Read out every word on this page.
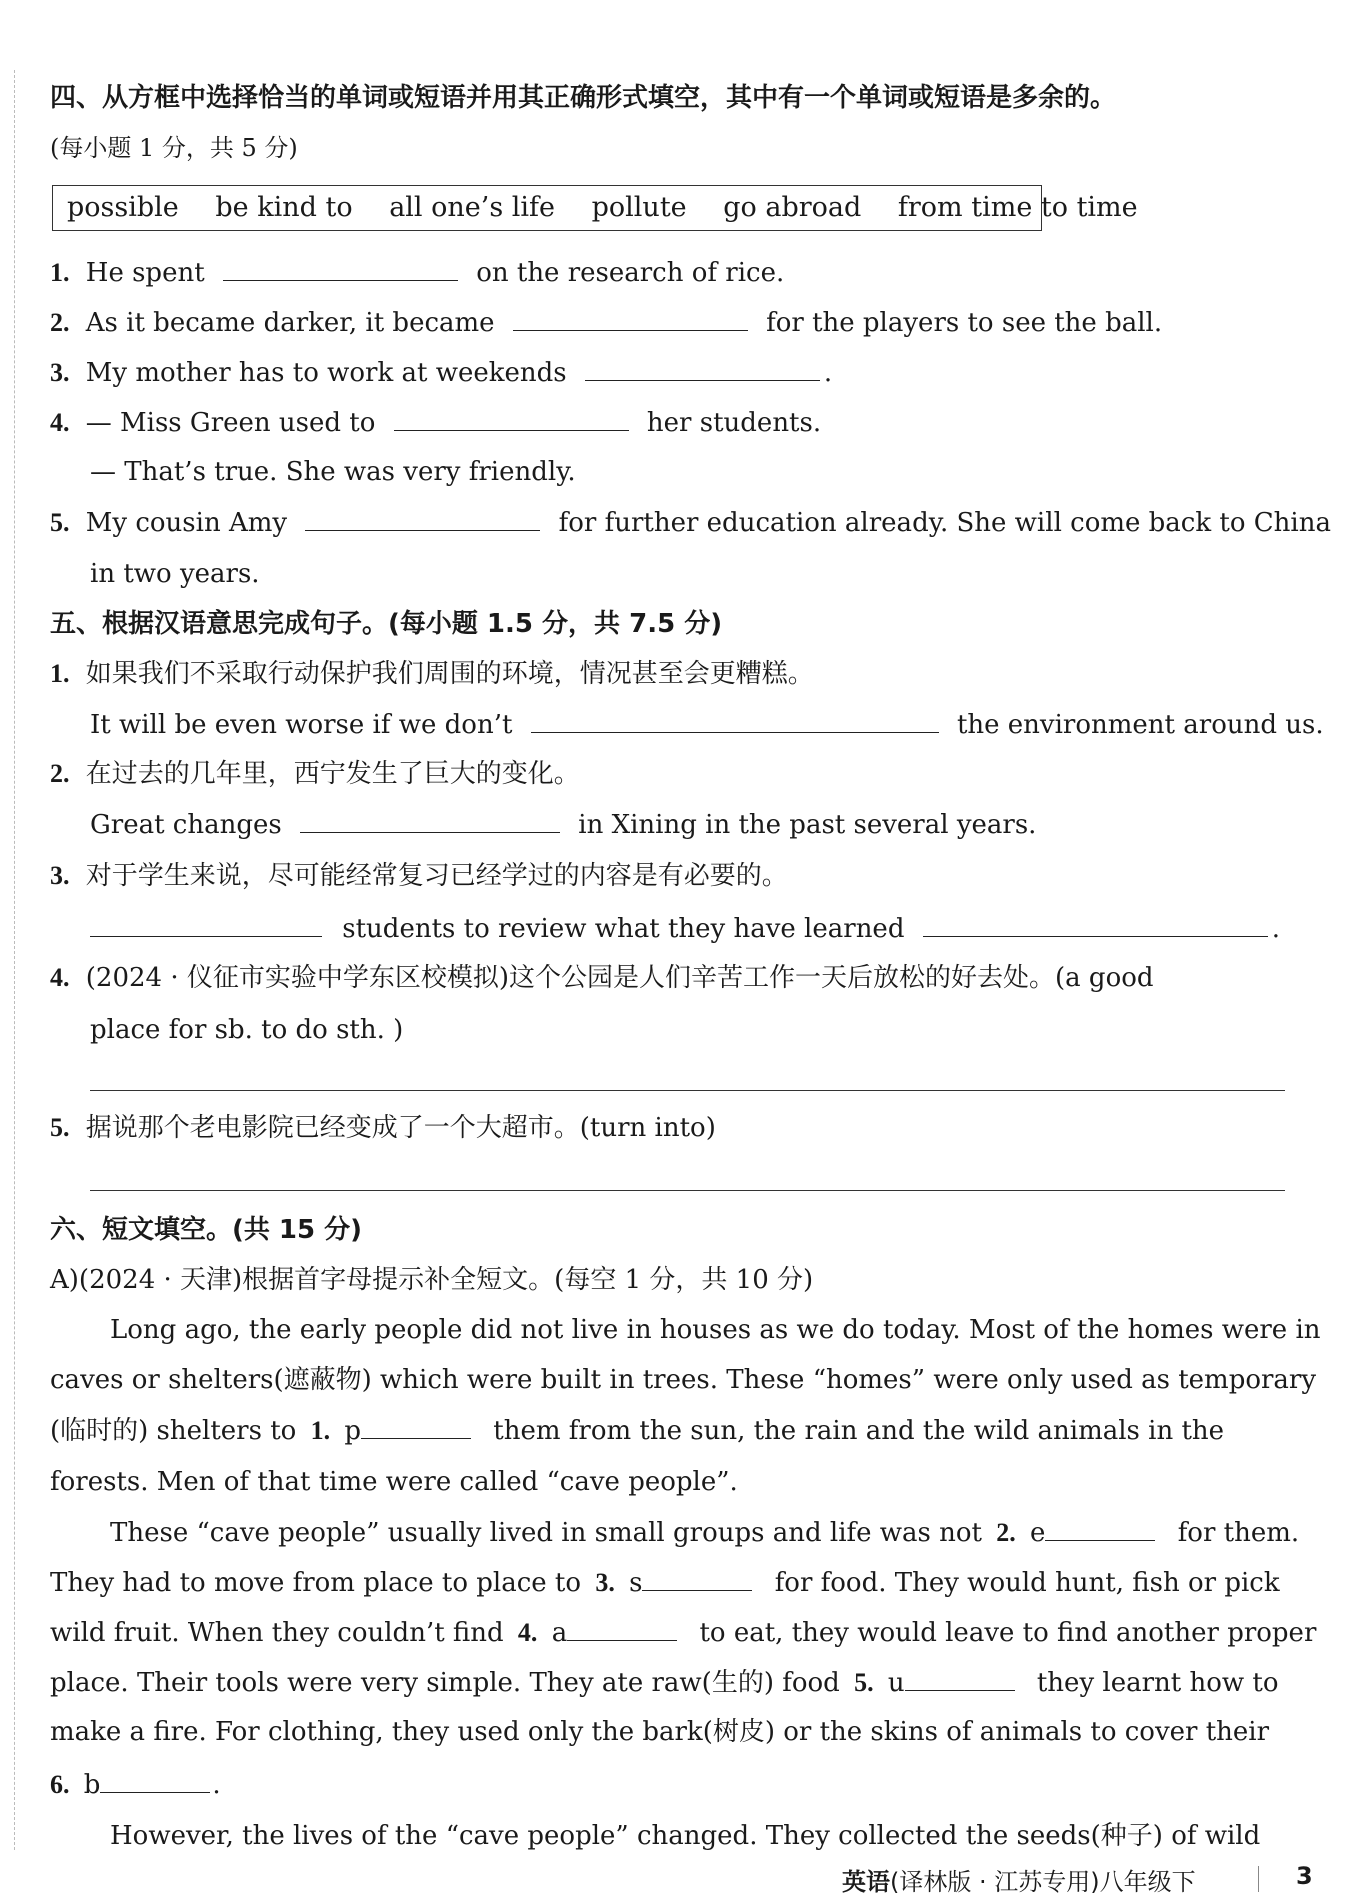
四、从方框中选择恰当的单词或短语并用其正确形式填空，其中有一个单词或短语是多余的。
(每小题 1 分，共 5 分)
possible be kind to all one’s life pollute go abroad from time to time
1. He spent	on the research of rice.
2. As it became darker, it became	for the players to see the ball.
3. My mother has to work at weekends	.
4. — Miss Green used to	her students.
— That’s true. She was very friendly.
5. My cousin Amy	for further education already. She will come back to China
in two years.
五、根据汉语意思完成句子。(每小题 1.5 分，共 7.5 分)
1. 如果我们不采取行动保护我们周围的环境，情况甚至会更糟糕。
It will be even worse if we don’t	the environment around us.
2. 在过去的几年里，西宁发生了巨大的变化。
Great changes	in Xining in the past several years.
3. 对于学生来说，尽可能经常复习已经学过的内容是有必要的。
students to review what they have learned	.
4. (2024 · 仪征市实验中学东区校模拟)这个公园是人们辛苦工作一天后放松的好去处。(a good
place for sb. to do sth. )
5. 据说那个老电影院已经变成了一个大超市。(turn into)
六、短文填空。(共 15 分)
A)(2024 · 天津)根据首字母提示补全短文。(每空 1 分，共 10 分)
Long ago, the early people did not live in houses as we do today. Most of the homes were in
caves or shelters(遮蔽物) which were built in trees. These “homes” were only used as temporary
(临时的) shelters to 1. p	them from the sun, the rain and the wild animals in the
forests. Men of that time were called “cave people”.
These “cave people” usually lived in small groups and life was not 2. e	for them.
They had to move from place to place to 3. s	for food. They would hunt, fish or pick
wild fruit. When they couldn’t find 4. a	to eat, they would leave to find another proper
place. Their tools were very simple. They ate raw(生的) food 5. u	they learnt how to
make a fire. For clothing, they used only the bark(树皮) or the skins of animals to cover their
6. b	.
However, the lives of the “cave people” changed. They collected the seeds(种子) of wild
英语(译林版 · 江苏专用)八年级下	3
